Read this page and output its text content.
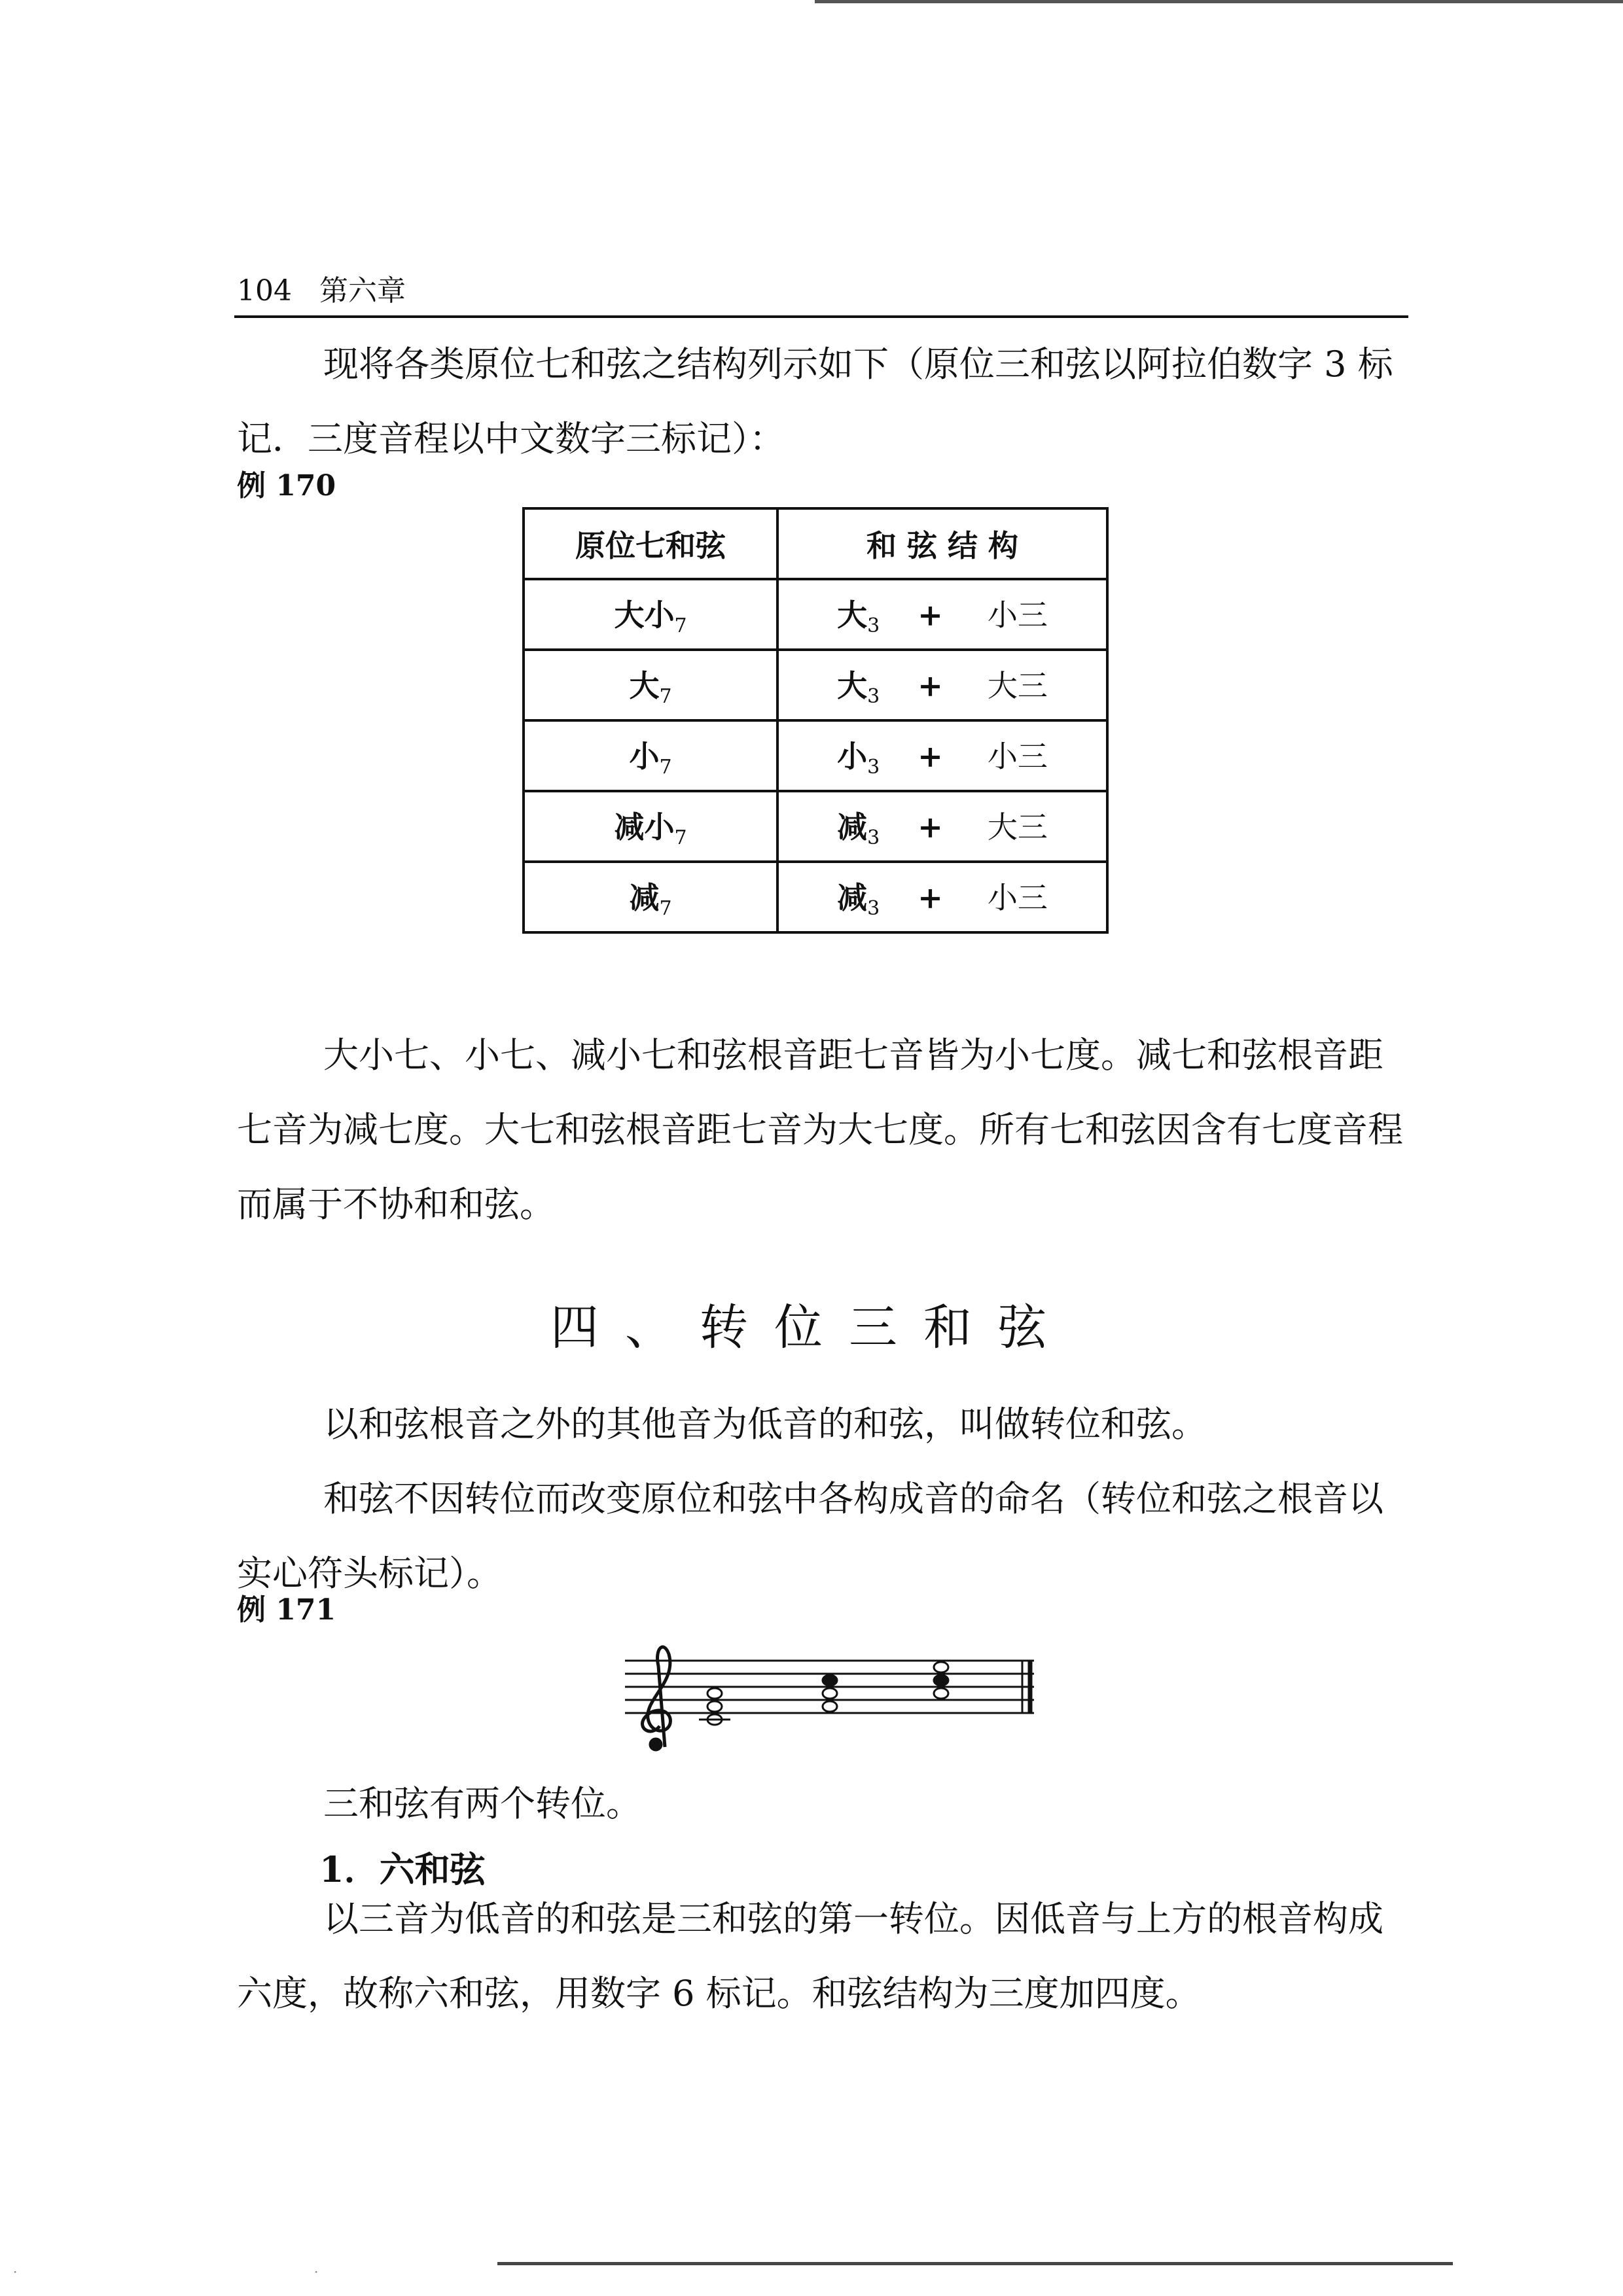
104 第六章

现将各类原位七和弦之结构列示如下（原位三和弦以阿拉伯数字 3 标记．三度音程以中文数字三标记）：

例 170
原位七和弦	和 弦 结 构
大小$_7$	大$_3$ + 小三

大$_7$	大$_3$ + 大三

小$_7$	小$_3$ + 小三

减小$_7$	减$_3$ + 大三

减$_7$	减$_3$ + 小三

大小七、小七、减小七和弦根音距七音皆为小七度。减七和弦根音距七音为减七度。大七和弦根音距七音为大七度。所有七和弦因含有七度音程而属于不协和和弦。

四、转位三和弦

以和弦根音之外的其他音为低音的和弦，叫做转位和弦。

和弦不因转位而改变原位和弦中各构成音的命名（转位和弦之根音以实心符头标记）。

例 171

三和弦有两个转位。

1．六和弦

以三音为低音的和弦是三和弦的第一转位。因低音与上方的根音构成六度，故称六和弦，用数字 6 标记。和弦结构为三度加四度。

·	·
